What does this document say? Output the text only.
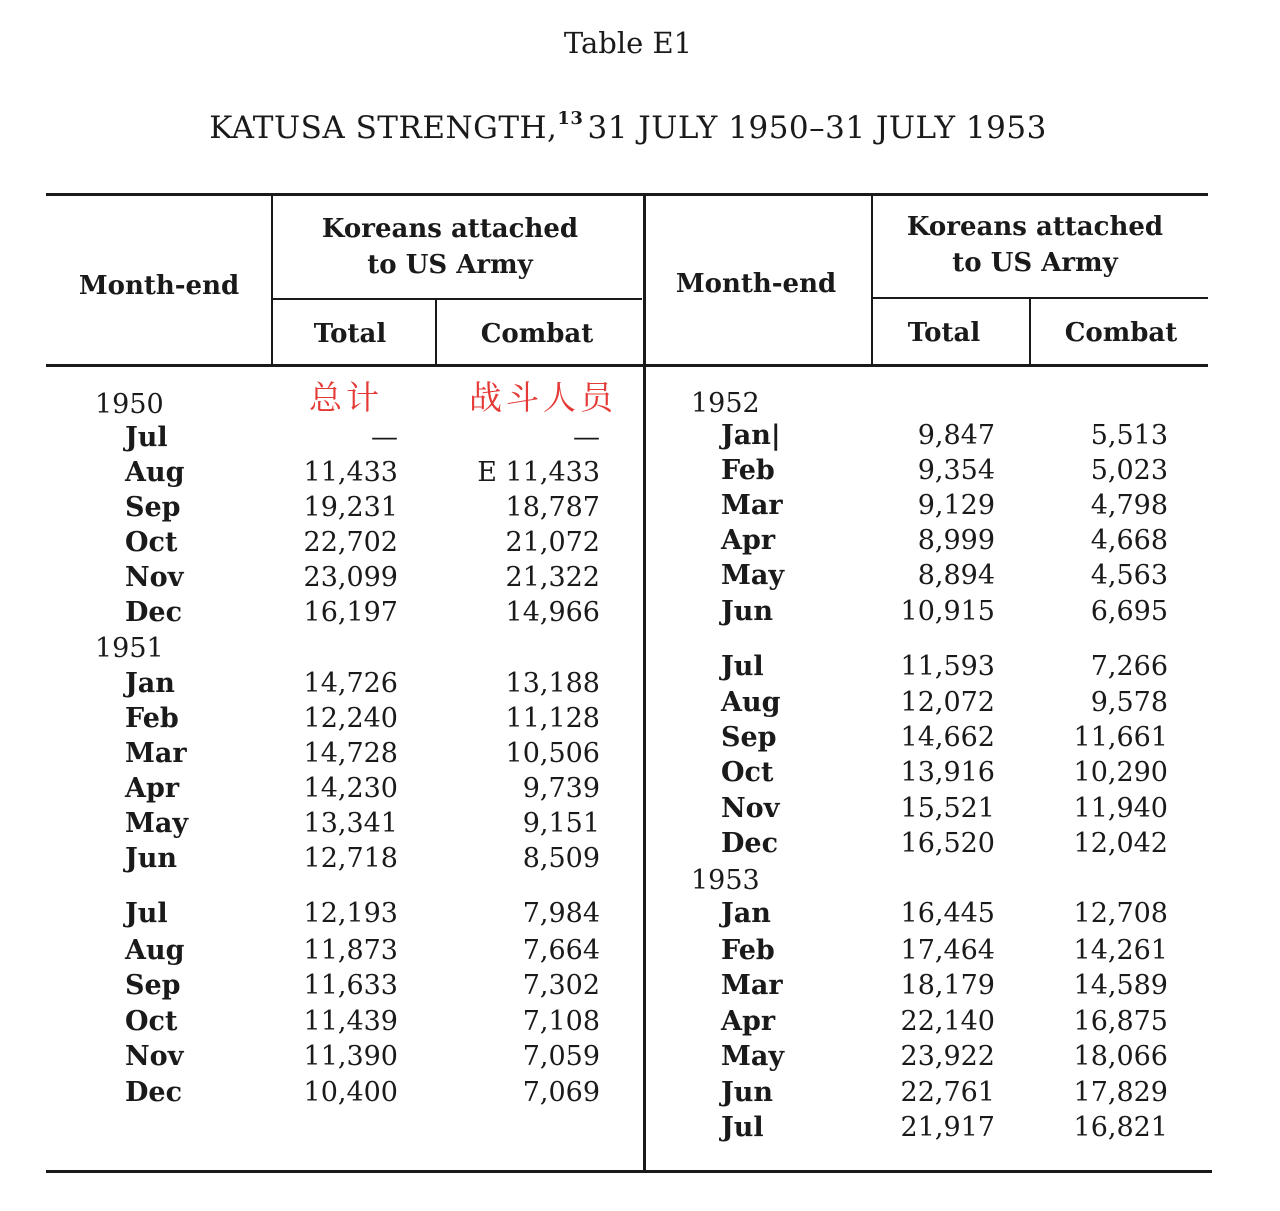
Table E1
KATUSA STRENGTH,$^{13}$ 31 JULY 1950–31 JULY 1953
Month-end
Koreans attached
to US Army
Total	Combat
Month-end
Koreans attached
to US Army
Total	Combat
总计	战斗人员
1950
Jul	—	—
Aug	11,433	E 11,433
Sep	19,231	18,787
Oct	22,702	21,072
Nov	23,099	21,322
Dec	16,197	14,966
1951
Jan	14,726	13,188
Feb	12,240	11,128
Mar	14,728	10,506
Apr	14,230	9,739
May	13,341	9,151
Jun	12,718	8,509
Jul	12,193	7,984
Aug	11,873	7,664
Sep	11,633	7,302
Oct	11,439	7,108
Nov	11,390	7,059
Dec	10,400	7,069
1952
Jan|	9,847	5,513
Feb	9,354	5,023
Mar	9,129	4,798
Apr	8,999	4,668
May	8,894	4,563
Jun	10,915	6,695
Jul	11,593	7,266
Aug	12,072	9,578
Sep	14,662	11,661
Oct	13,916	10,290
Nov	15,521	11,940
Dec	16,520	12,042
1953
Jan	16,445	12,708
Feb	17,464	14,261
Mar	18,179	14,589
Apr	22,140	16,875
May	23,922	18,066
Jun	22,761	17,829
Jul	21,917	16,821
